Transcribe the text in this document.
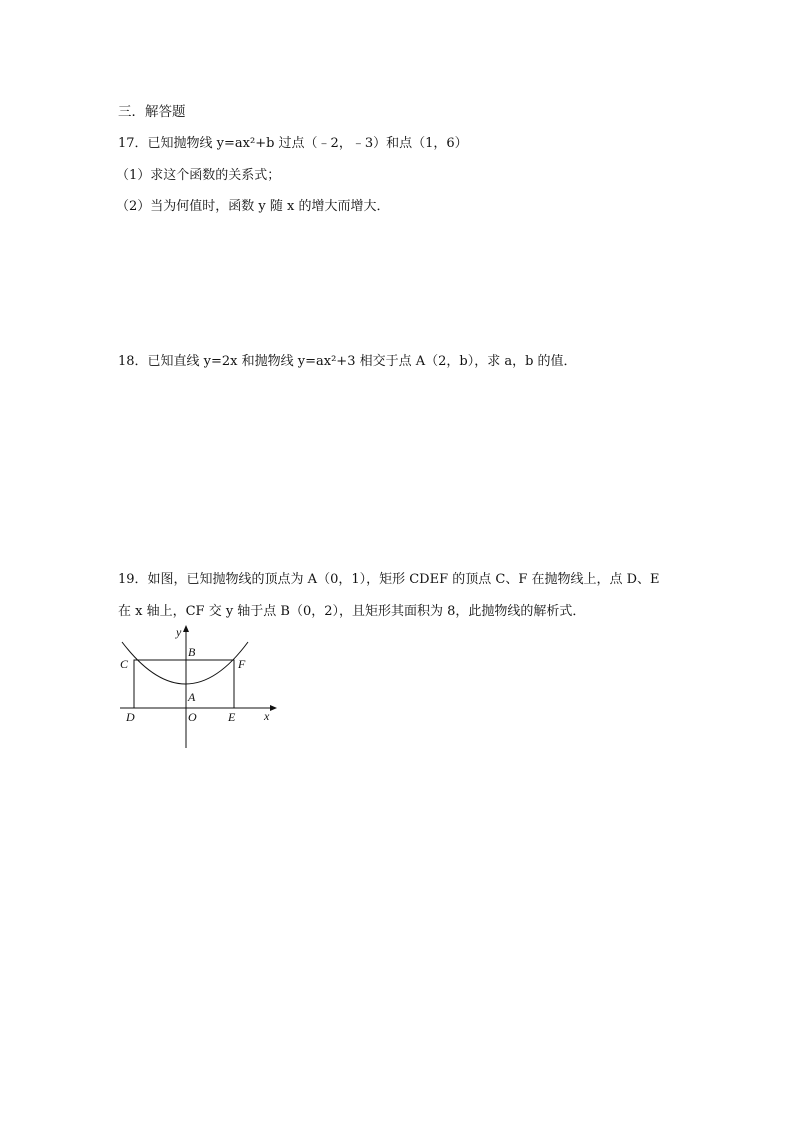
三．解答题
17．已知抛物线 y=ax²+b 过点（﹣2，﹣3）和点（1，6）
（1）求这个函数的关系式；
（2）当为何值时，函数 y 随 x 的增大而增大．
18．已知直线 y=2x 和抛物线 y=ax²+3 相交于点 A（2，b），求 a，b 的值．
19．如图，已知抛物线的顶点为 A（0，1），矩形 CDEF 的顶点 C、F 在抛物线上，点 D、E
在 x 轴上，CF 交 y 轴于点 B（0，2），且矩形其面积为 8，此抛物线的解析式．
y
x
B
C	F
A
D	O	E
